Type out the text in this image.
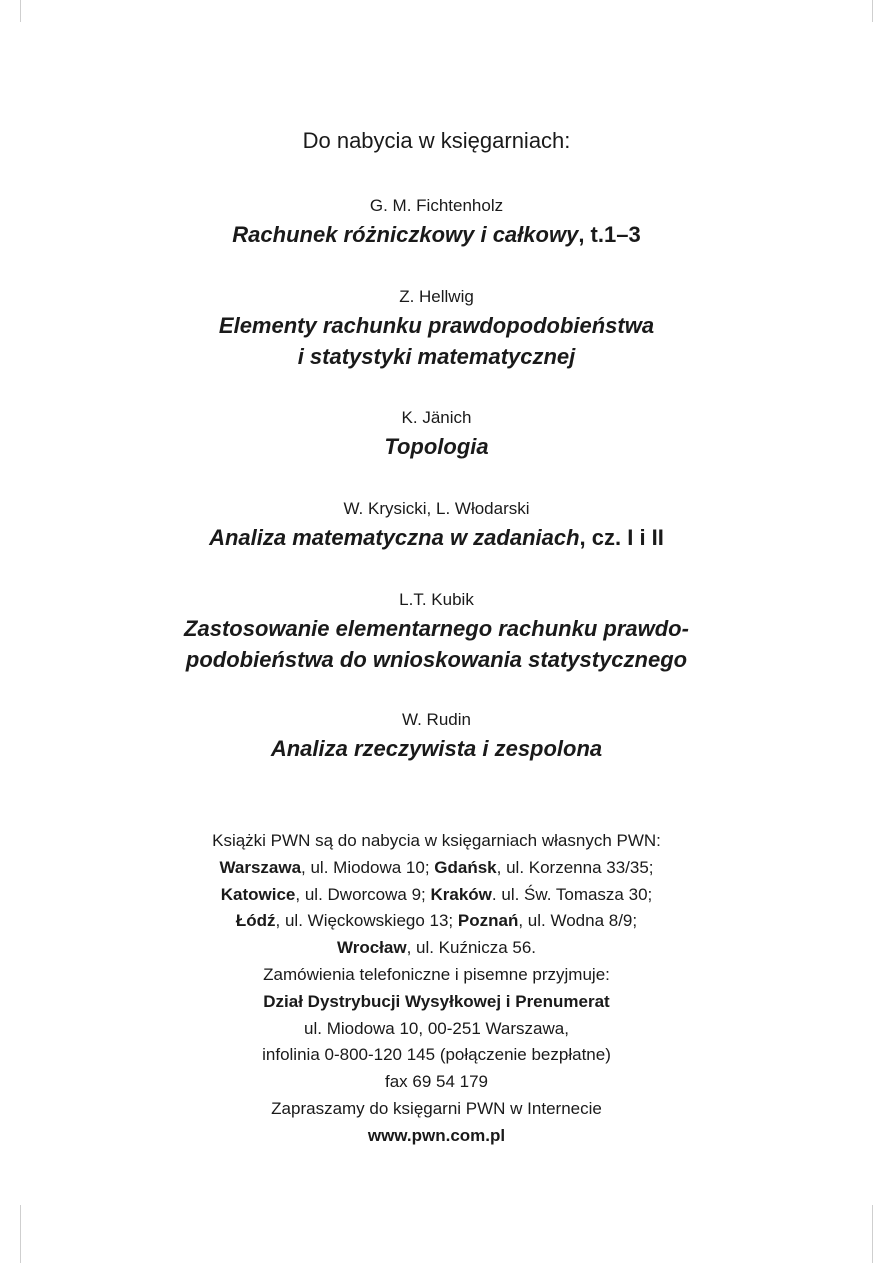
Do nabycia w księgarniach:

G. M. Fichtenholz

Rachunek różniczkowy i całkowy, t.1–3

Z. Hellwig

Elementy rachunku prawdopodobieństwa
i statystyki matematycznej

K. Jänich

Topologia

W. Krysicki, L. Włodarski

Analiza matematyczna w zadaniach, cz. I i II

L.T. Kubik

Zastosowanie elementarnego rachunku prawdo-
podobieństwa do wnioskowania statystycznego

W. Rudin

Analiza rzeczywista i zespolona

Książki PWN są do nabycia w księgarniach własnych PWN:

Warszawa, ul. Miodowa 10; Gdańsk, ul. Korzenna 33/35;

Katowice, ul. Dworcowa 9; Kraków. ul. Św. Tomasza 30;

Łódź, ul. Więckowskiego 13; Poznań, ul. Wodna 8/9;

Wrocław, ul. Kuźnicza 56.

Zamówienia telefoniczne i pisemne przyjmuje:

Dział Dystrybucji Wysyłkowej i Prenumerat

ul. Miodowa 10, 00-251 Warszawa,

infolinia 0-800-120 145 (połączenie bezpłatne)

fax 69 54 179

Zapraszamy do księgarni PWN w Internecie

www.pwn.com.pl
